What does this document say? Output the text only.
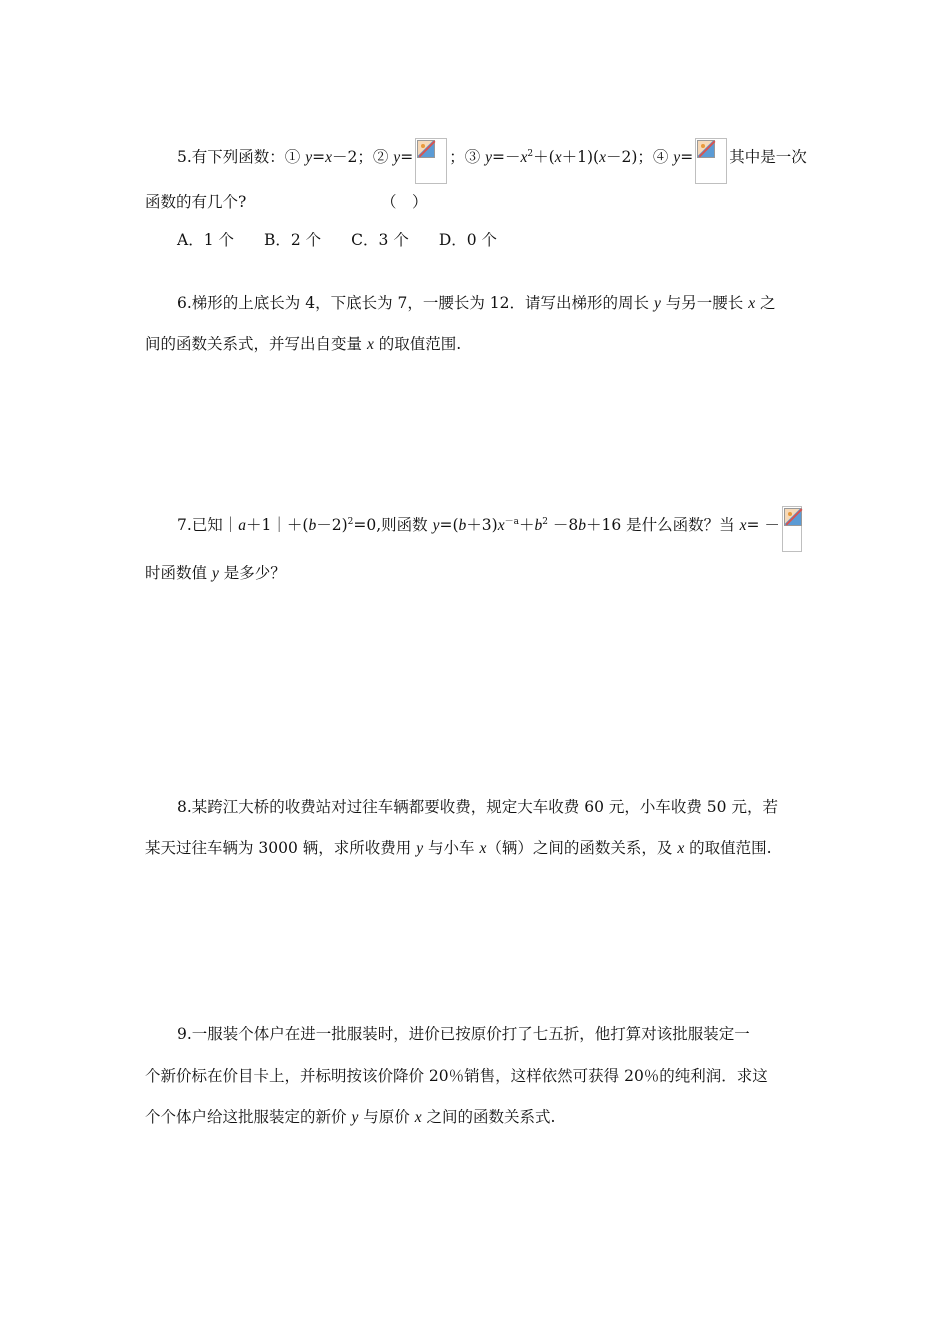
5.有下列函数：① y=x－2；② y= ；③ $y=-x^2+(x+1)(x-2)$；④ y= 其中是一次
函数的有几个?	（　）
A．1 个 B．2 个 C．3 个 D．0 个
6.梯形的上底长为 4，下底长为 7，一腰长为 12．请写出梯形的周长 y 与另一腰长 x 之
间的函数关系式，并写出自变量 x 的取值范围.
7.已知$|a+1|+(b-2)^2=0$,则函数 $y=(b+3)x^{-a}+b^2 -8b+16$ 是什么函数？当 x= －
时函数值 y 是多少？
8.某跨江大桥的收费站对过往车辆都要收费，规定大车收费 60 元，小车收费 50 元，若
某天过往车辆为 3000 辆，求所收费用 y 与小车 x（辆）之间的函数关系，及 x 的取值范围.
9.一服装个体户在进一批服装时，进价已按原价打了七五折，他打算对该批服装定一
个新价标在价目卡上，并标明按该价降价 20％销售，这样依然可获得 20％的纯利润．求这
个个体户给这批服装定的新价 y 与原价 x 之间的函数关系式.
